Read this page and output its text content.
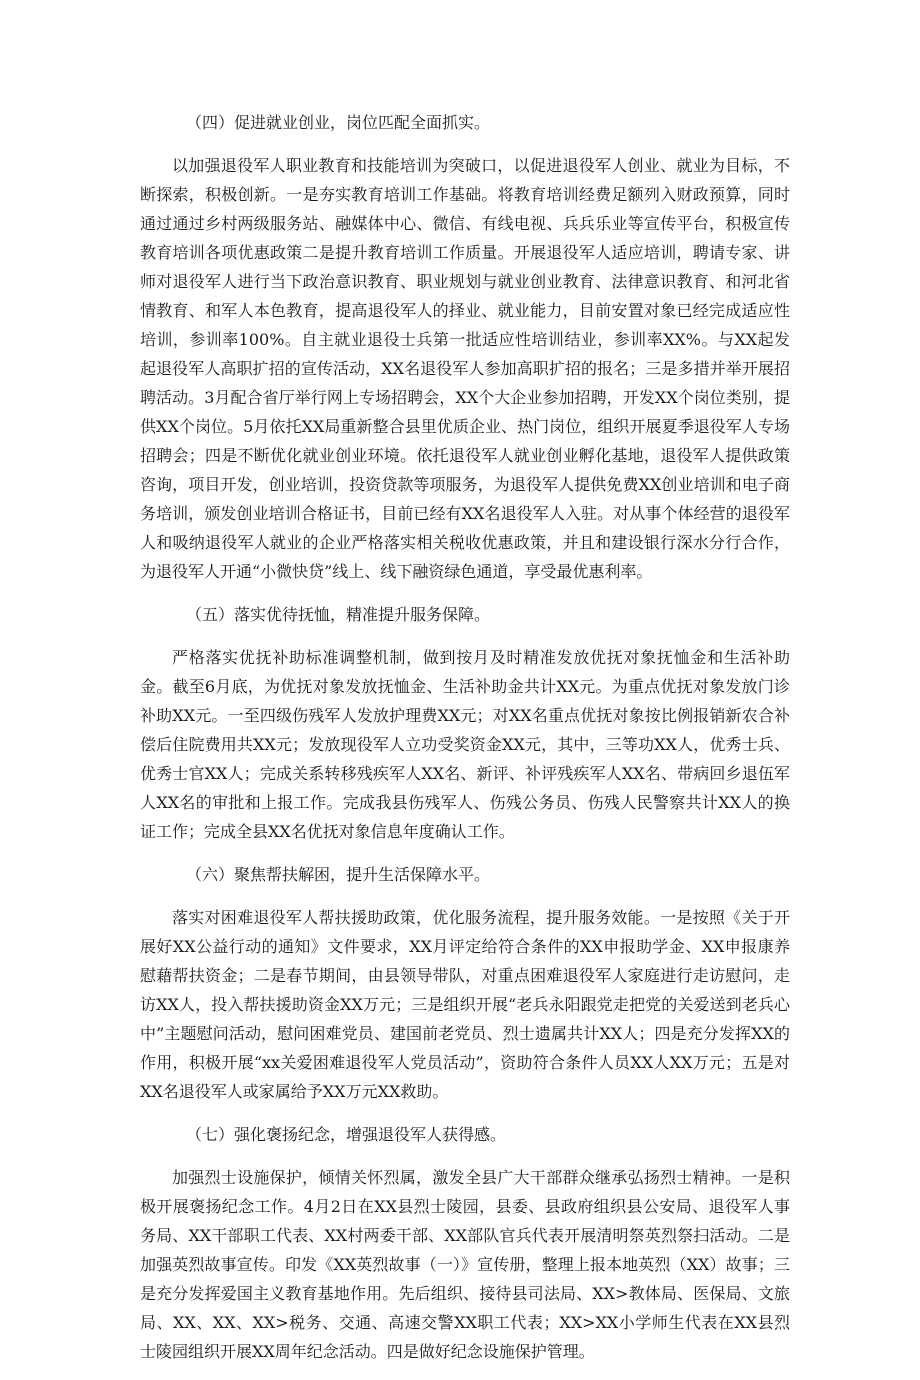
（四）促进就业创业，岗位匹配全面抓实。
以加强退役军人职业教育和技能培训为突破口，以促进退役军人创业、就业为目标，不断探索，积极创新。一是夯实教育培训工作基础。将教育培训经费足额列入财政预算，同时通过通过乡村两级服务站、融媒体中心、微信、有线电视、兵兵乐业等宣传平台，积极宣传教育培训各项优惠政策二是提升教育培训工作质量。开展退役军人适应培训，聘请专家、讲师对退役军人进行当下政治意识教育、职业规划与就业创业教育、法律意识教育、和河北省情教育、和军人本色教育，提高退役军人的择业、就业能力，目前安置对象已经完成适应性培训，参训率100%。自主就业退役士兵第一批适应性培训结业，参训率XX%。与XX起发起退役军人高职扩招的宣传活动，XX名退役军人参加高职扩招的报名；三是多措并举开展招聘活动。3月配合省厅举行网上专场招聘会，XX个大企业参加招聘，开发XX个岗位类别，提供XX个岗位。5月依托XX局重新整合县里优质企业、热门岗位，组织开展夏季退役军人专场招聘会；四是不断优化就业创业环境。依托退役军人就业创业孵化基地，退役军人提供政策咨询，项目开发，创业培训，投资贷款等项服务，为退役军人提供免费XX创业培训和电子商务培训，颁发创业培训合格证书，目前已经有XX名退役军人入驻。对从事个体经营的退役军人和吸纳退役军人就业的企业严格落实相关税收优惠政策，并且和建设银行深水分行合作，为退役军人开通“小微快贷”线上、线下融资绿色通道，享受最优惠利率。
（五）落实优待抚恤，精准提升服务保障。
严格落实优抚补助标准调整机制，做到按月及时精准发放优抚对象抚恤金和生活补助金。截至6月底，为优抚对象发放抚恤金、生活补助金共计XX元。为重点优抚对象发放门诊补助XX元。一至四级伤残军人发放护理费XX元；对XX名重点优抚对象按比例报销新农合补偿后住院费用共XX元；发放现役军人立功受奖资金XX元，其中，三等功XX人，优秀士兵、优秀士官XX人；完成关系转移残疾军人XX名、新评、补评残疾军人XX名、带病回乡退伍军人XX名的审批和上报工作。完成我县伤残军人、伤残公务员、伤残人民警察共计XX人的换证工作；完成全县XX名优抚对象信息年度确认工作。
（六）聚焦帮扶解困，提升生活保障水平。
落实对困难退役军人帮扶援助政策，优化服务流程，提升服务效能。一是按照《关于开展好XX公益行动的通知》文件要求，XX月评定给符合条件的XX申报助学金、XX申报康养慰藉帮扶资金；二是春节期间，由县领导带队，对重点困难退役军人家庭进行走访慰问，走访XX人，投入帮扶援助资金XX万元；三是组织开展“老兵永阳跟党走把党的关爱送到老兵心中”主题慰问活动，慰问困难党员、建国前老党员、烈士遗属共计XX人；四是充分发挥XX的作用，积极开展“xx关爱困难退役军人党员活动”，资助符合条件人员XX人XX万元；五是对XX名退役军人或家属给予XX万元XX救助。
（七）强化褒扬纪念，增强退役军人获得感。
加强烈士设施保护，倾情关怀烈属，激发全县广大干部群众继承弘扬烈士精神。一是积极开展褒扬纪念工作。4月2日在XX县烈士陵园，县委、县政府组织县公安局、退役军人事务局、XX干部职工代表、XX村两委干部、XX部队官兵代表开展清明祭英烈祭扫活动。二是加强英烈故事宣传。印发《XX英烈故事（一）》宣传册，整理上报本地英烈（XX）故事；三是充分发挥爱国主义教育基地作用。先后组织、接待县司法局、XX>教体局、医保局、文旅局、XX、XX、XX>税务、交通、高速交警XX职工代表；XX>XX小学师生代表在XX县烈士陵园组织开展XX周年纪念活动。四是做好纪念设施保护管理。
